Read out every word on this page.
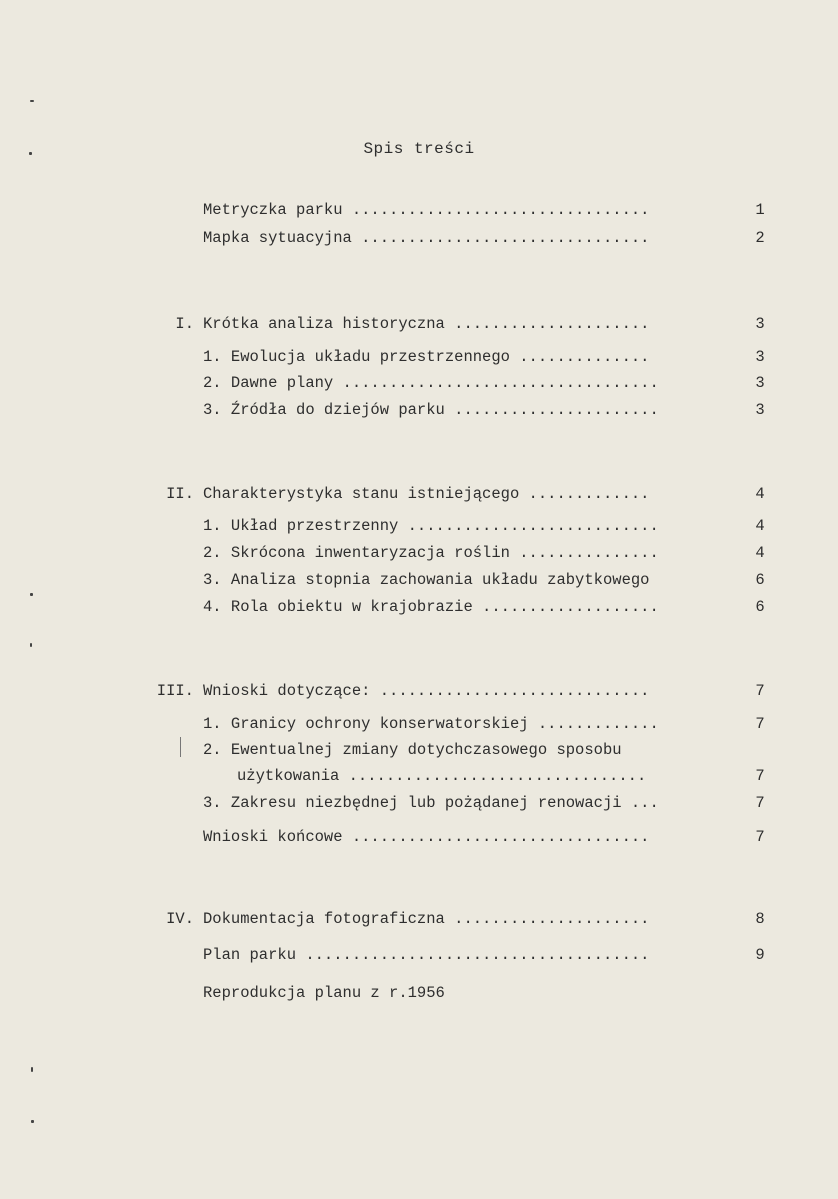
Spis treści
Metryczka parku ................................	1
Mapka sytuacyjna ...............................	2
I. Krótka analiza historyczna .....................	3
1. Ewolucja układu przestrzennego ..............	3
2. Dawne plany ..................................	3
3. Źródła do dziejów parku ......................	3
II. Charakterystyka stanu istniejącego .............	4
1. Układ przestrzenny ...........................	4
2. Skrócona inwentaryzacja roślin ...............	4
3. Analiza stopnia zachowania układu zabytkowego	6
4. Rola obiektu w krajobrazie ...................	6
III. Wnioski dotyczące: .............................	7
1. Granicy ochrony konserwatorskiej .............	7
2. Ewentualnej zmiany dotychczasowego sposobu
użytkowania ................................	7
3. Zakresu niezbędnej lub pożądanej renowacji ...	7
Wnioski końcowe ................................	7
IV. Dokumentacja fotograficzna .....................	8
Plan parku .....................................	9
Reprodukcja planu z r.1956
